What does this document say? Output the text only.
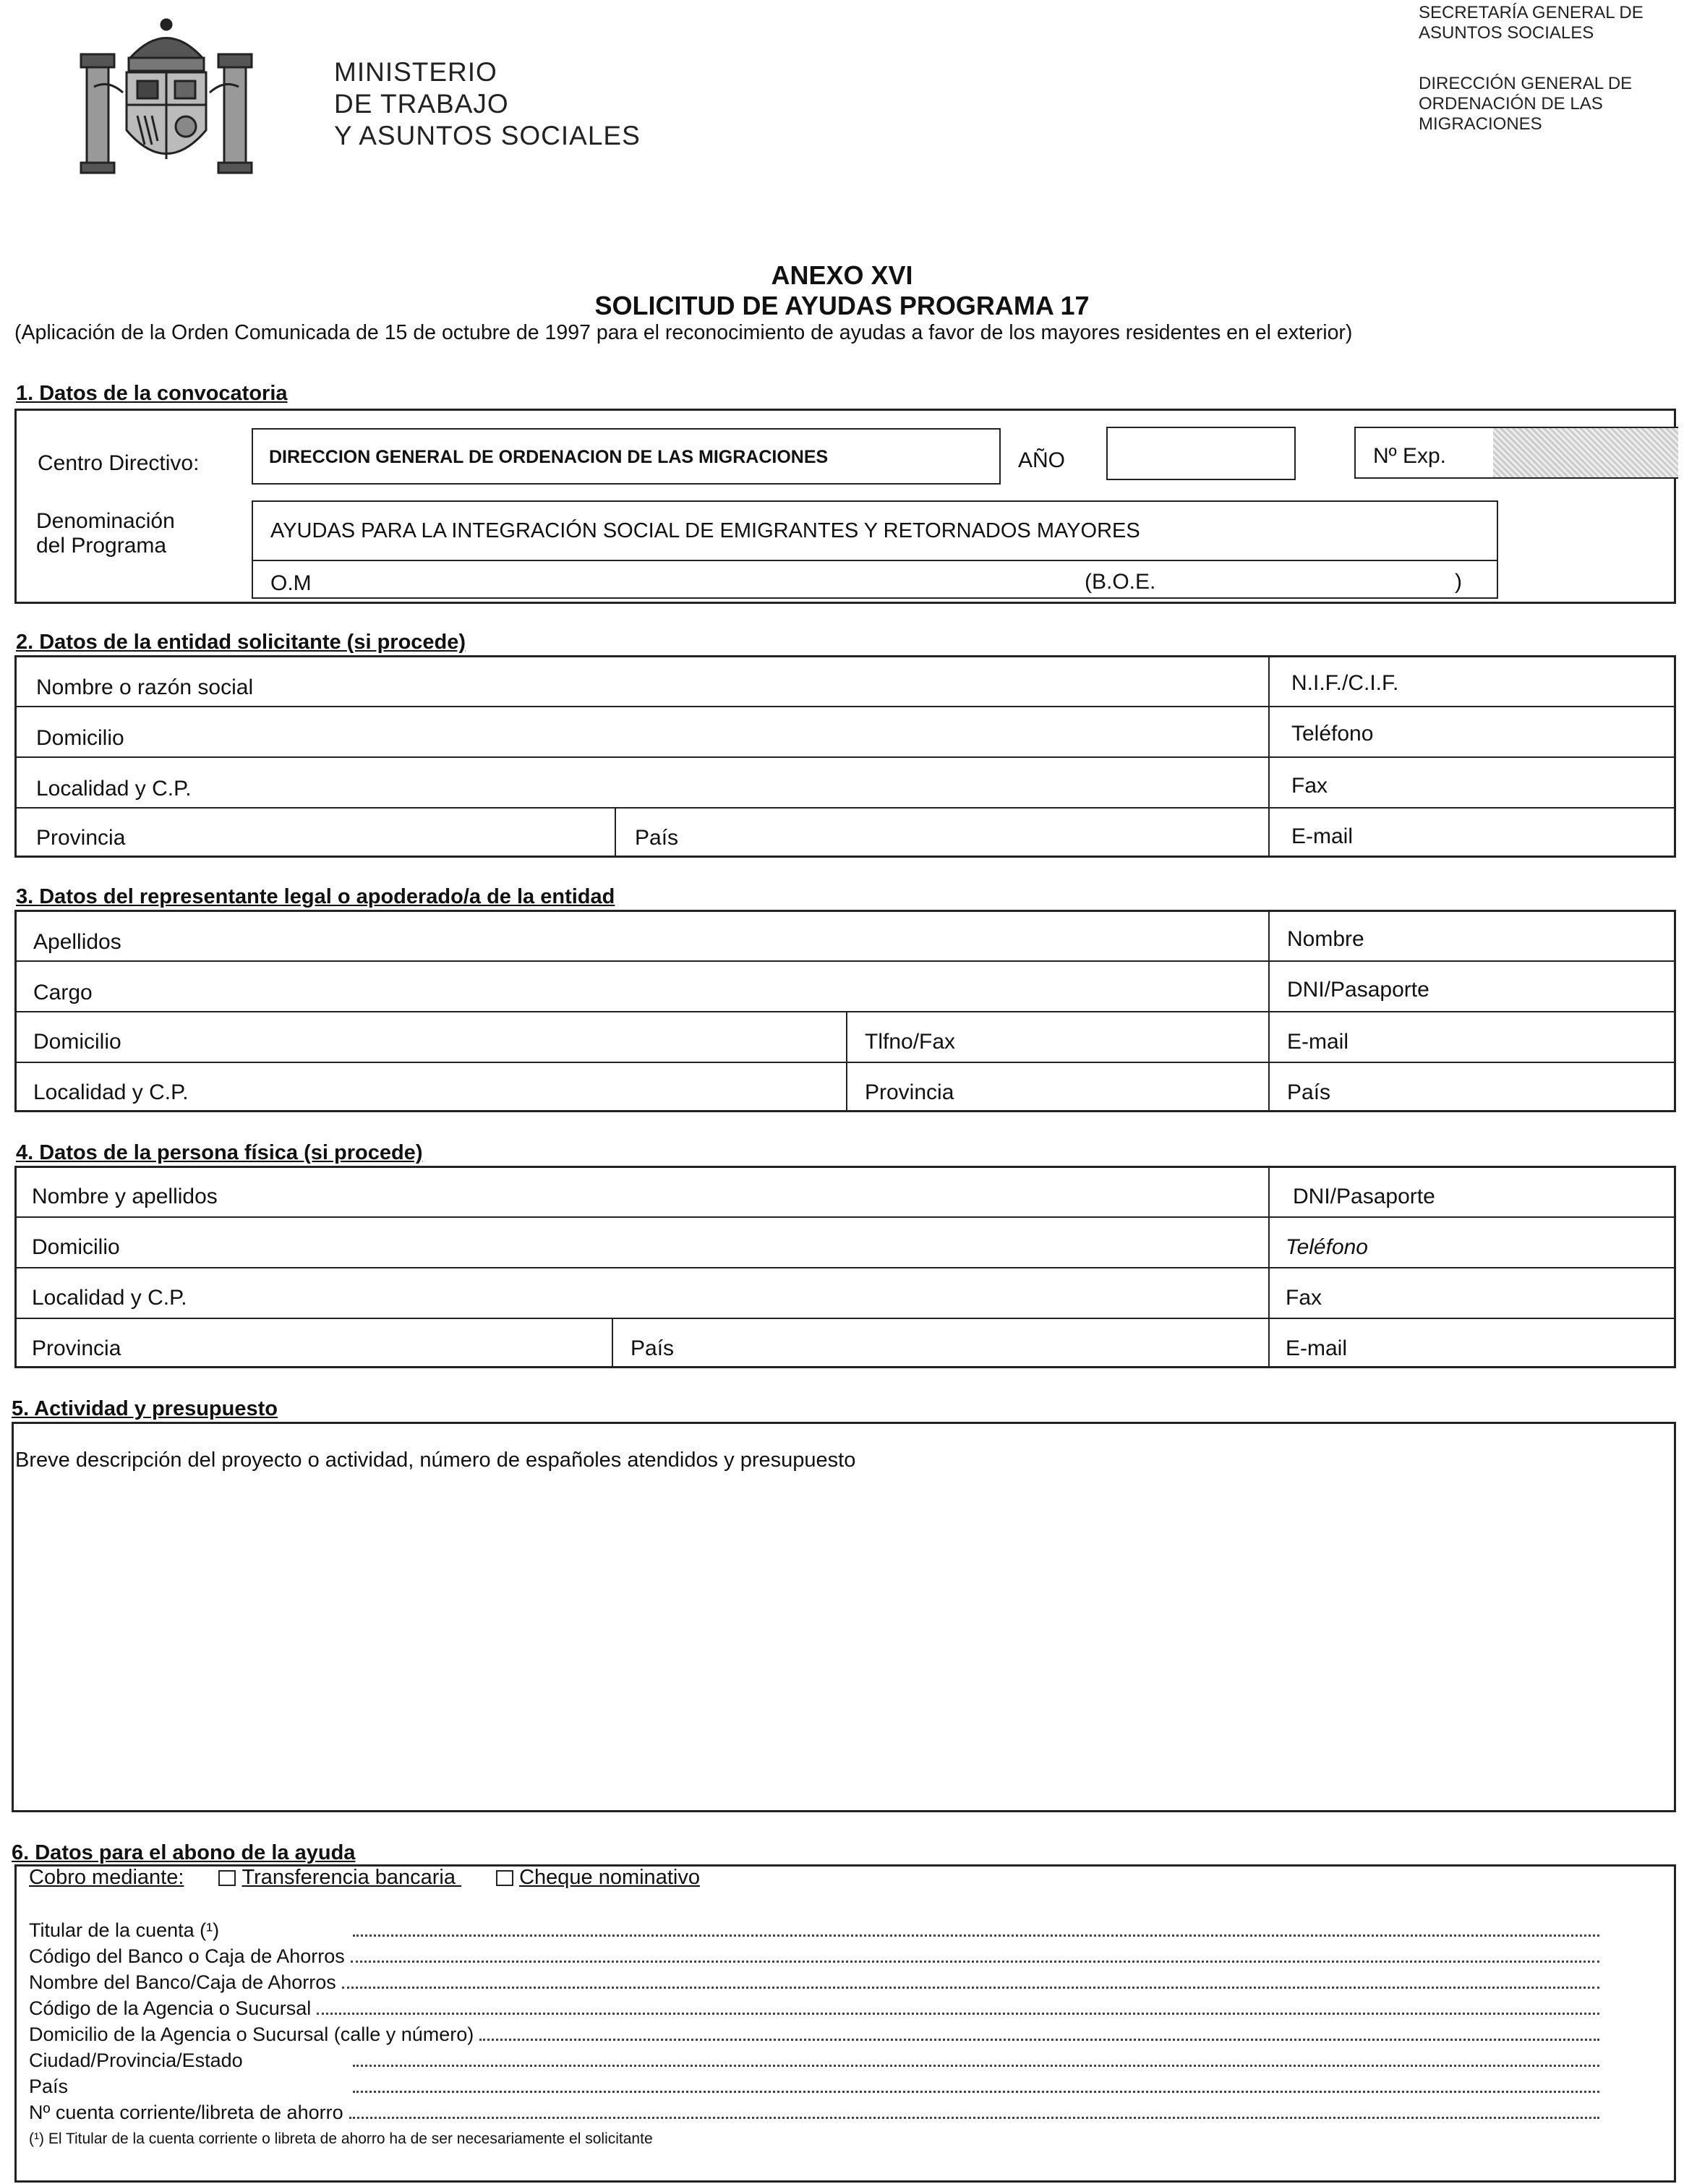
MINISTERIO
DE TRABAJO
Y ASUNTOS SOCIALES
SECRETARÍA GENERAL DE
ASUNTOS SOCIALES
DIRECCIÓN GENERAL DE
ORDENACIÓN DE LAS
MIGRACIONES
ANEXO XVI
SOLICITUD DE AYUDAS PROGRAMA 17
(Aplicación de la Orden Comunicada de 15 de octubre de 1997 para el reconocimiento de ayudas a favor de los mayores residentes en el exterior)
1. Datos de la convocatoria
Centro Directivo:	DIRECCION GENERAL DE ORDENACION DE LAS MIGRACIONES	AÑO	Nº Exp.
Denominación
del Programa
AYUDAS PARA LA INTEGRACIÓN SOCIAL DE EMIGRANTES Y RETORNADOS MAYORES
O.M	(B.O.E.	)
2. Datos de la entidad solicitante (si procede)
Nombre o razón social	N.I.F./C.I.F.
Domicilio	Teléfono
Localidad y C.P.	Fax
Provincia	País	E-mail
3. Datos del representante legal o apoderado/a de la entidad
Apellidos	Nombre
Cargo	DNI/Pasaporte
Domicilio	Tlfno/Fax	E-mail
Localidad y C.P.	Provincia	País
4. Datos de la persona física (si procede)
Nombre y apellidos	DNI/Pasaporte
Domicilio	Teléfono
Localidad y C.P.	Fax
Provincia	País	E-mail
5. Actividad y presupuesto
Breve descripción del proyecto o actividad, número de españoles atendidos y presupuesto
6. Datos para el abono de la ayuda
Cobro mediante:	Transferencia bancaria	Cheque nominativo
Titular de la cuenta (¹)
Código del Banco o Caja de Ahorros
Nombre del Banco/Caja de Ahorros
Código de la Agencia o Sucursal
Domicilio de la Agencia o Sucursal (calle y número)
Ciudad/Provincia/Estado
País
Nº cuenta corriente/libreta de ahorro
(¹) El Titular de la cuenta corriente o libreta de ahorro ha de ser necesariamente el solicitante
